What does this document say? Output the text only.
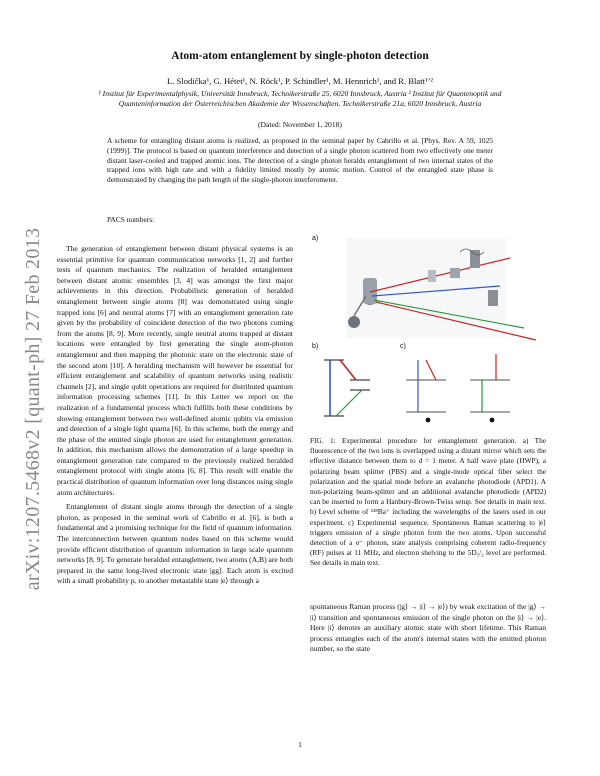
arXiv:1207.5468v2 [quant-ph] 27 Feb 2013
Atom-atom entanglement by single-photon detection
L. Slodička¹, G. Hétet¹, N. Röck¹, P. Schindler¹, M. Hennrich¹, and R. Blatt¹ʼ²
¹ Institut für Experimentalphysik, Universität Innsbruck, Technikerstraße 25, 6020 Innsbruck, Austria ² Institut für Quantenoptik und Quanteninformation der Österreichischen Akademie der Wissenschaften, Technikerstraße 21a, 6020 Innsbruck, Austria
(Dated: November 1, 2018)
A scheme for entangling distant atoms is realized, as proposed in the seminal paper by Cabrillo et al. [Phys. Rev. A 59, 1025 (1999)]. The protocol is based on quantum interference and detection of a single photon scattered from two effectively one meter distant laser-cooled and trapped atomic ions. The detection of a single photon heralds entanglement of two internal states of the trapped ions with high rate and with a fidelity limited mostly by atomic motion. Control of the entangled state phase is demonstrated by changing the path length of the single-photon interferometer.
PACS numbers:

The generation of entanglement between distant physical systems is an essential primitive for quantum communication networks [1, 2] and further tests of quantum mechanics. The realization of heralded entanglement between distant atomic ensembles [3, 4] was amongst the first major achievements in this direction. Probabilistic generation of heralded entanglement between single atoms [8] was demonstrated using single trapped ions [6] and neutral atoms [7] with an entanglement generation rate given by the probability of coincident detection of the two photons coming from the atoms [8, 9]. More recently, single neutral atoms trapped at distant locations were entangled by first generating the single atom-photon entanglement and then mapping the photonic state on the electronic state of the second atom [10]. A heralding mechanism will however be essential for efficient entanglement and scalability of quantum networks using realistic channels [2], and single qubit operations are required for distributed quantum information processing schemes [11]. In this Letter we report on the realization of a fundamental process which fulfills both these conditions by showing entanglement between two well-defined atomic qubits via emission and detection of a single light quanta [6]. In this scheme, both the energy and the phase of the emitted single photon are used for entanglement generation. In addition, this mechanism allows the demonstration of a large speedup in entanglement generation rate compared to the previously realized heralded entanglement protocol with single atoms [6, 8]. This result will enable the practical distribution of quantum information over long distances using single atom architectures.

Entanglement of distant single atoms through the detection of a single photon, as proposed in the seminal work of Cabrillo et al. [6], is both a fundamental and a promising technique for the field of quantum information. The interconnection between quantum nodes based on this scheme would provide efficient distribution of quantum information in large scale quantum networks [8, 9]. To generate heralded entanglement, two atoms (A,B) are both prepared in the same long-lived electronic state |gg⟩. Each atom is excited with a small probability pₑ to another metastable state |e⟩ through a

a)
b)	c)
FIG. 1: Experimental procedure for entanglement generation. a) The fluorescence of the two ions is overlapped using a distant mirror which sets the effective distance between them to d = 1 meter. A half wave plate (HWP), a polarizing beam splitter (PBS) and a single-mode optical fiber select the polarization and the spatial mode before an avalanche photodiode (APD1). A non-polarizing beam-splitter and an additional avalanche photodiode (APD2) can be inserted to form a Hanbury-Brown-Twiss setup. See details in main text. b) Level scheme of ¹³⁸Ba⁺ including the wavelengths of the lasers used in our experiment. c) Experimental sequence. Spontaneous Raman scattering to |e⟩ triggers emission of a single photon from the two atoms. Upon successful detection of a σ⁻ photon, state analysis comprising coherent radio-frequency (RF) pulses at 11 MHz, and electron shelving to the 5D₅/₂ level are performed. See details in main text.

spontaneous Raman process (|g⟩ → |i⟩ → |e⟩) by weak excitation of the |g⟩ → |i⟩ transition and spontaneous emission of the single photon on the |i⟩ → |e⟩. Here |i⟩ denotes an auxiliary atomic state with short lifetime. This Raman process entangles each of the atom's internal states with the emitted photon number, so the state

1
